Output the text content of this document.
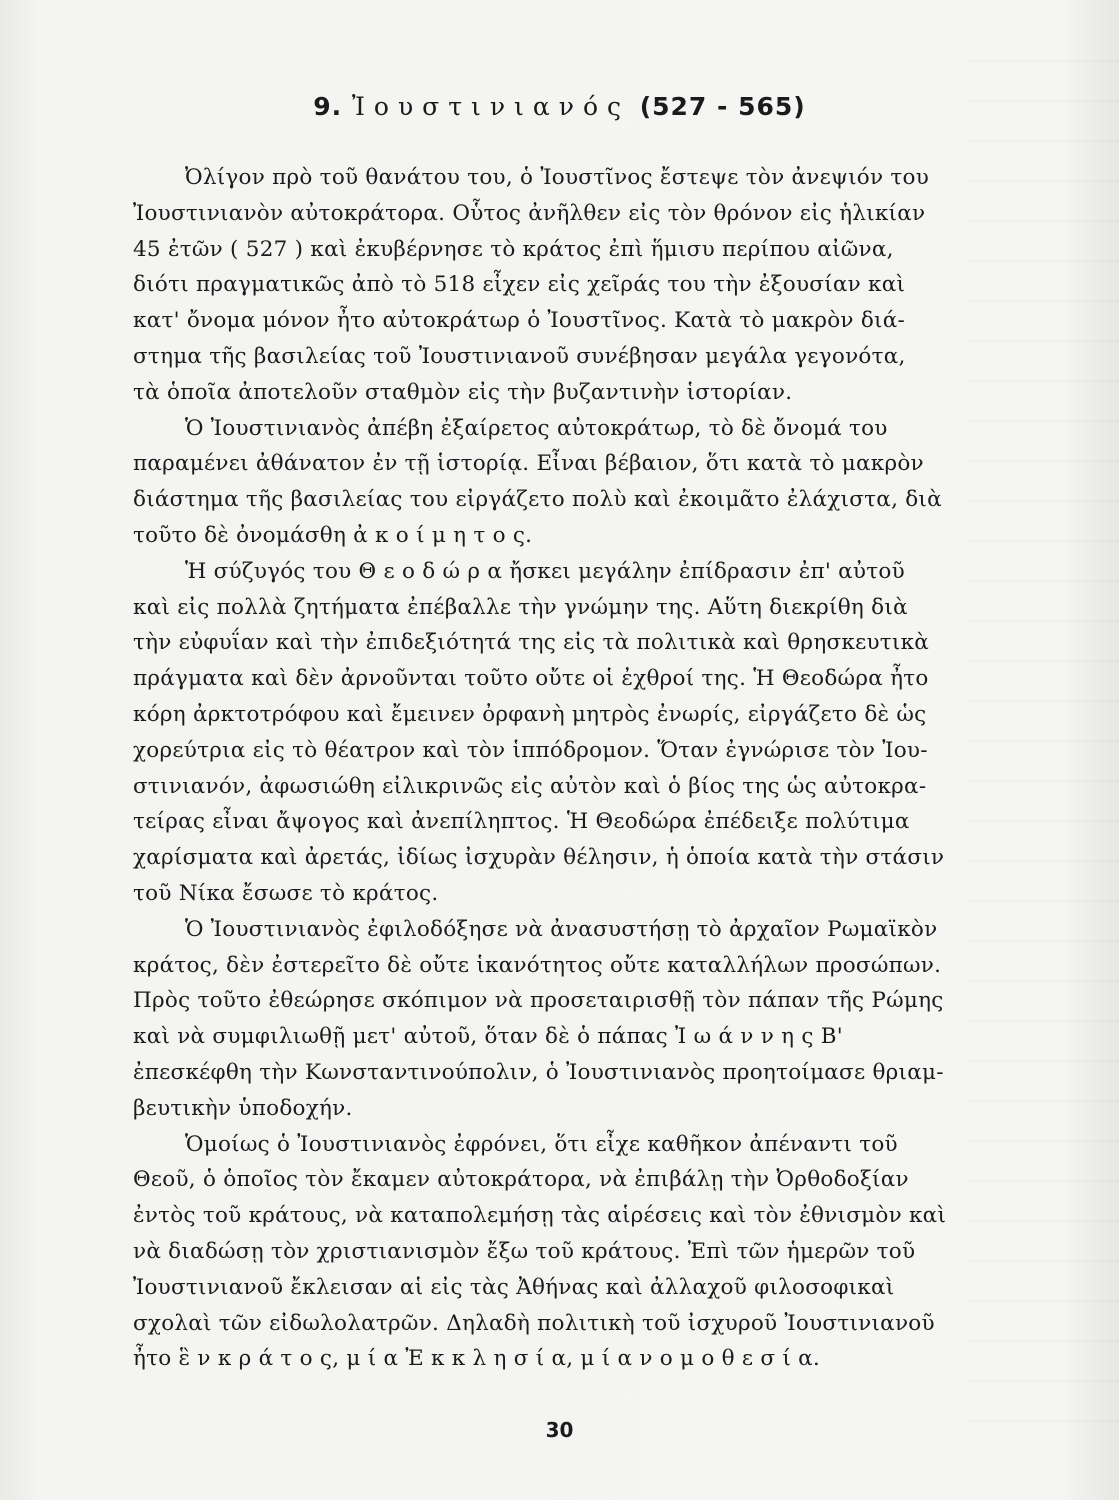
9. Ἰουστινιανός (527 - 565)
Ὀλίγον πρὸ τοῦ θανάτου του, ὁ Ἰουστῖνος ἔστεψε τὸν ἀνεψιόν του
Ἰουστινιανὸν αὐτοκράτορα. Οὗτος ἀνῆλθεν εἰς τὸν θρόνον εἰς ἡλικίαν
45 ἐτῶν ( 527 ) καὶ ἐκυβέρνησε τὸ κράτος ἐπὶ ἥμισυ περίπου αἰῶνα,
διότι πραγματικῶς ἀπὸ τὸ 518 εἶχεν εἰς χεῖράς του τὴν ἐξουσίαν καὶ
κατ' ὄνομα μόνον ἦτο αὐτοκράτωρ ὁ Ἰουστῖνος. Κατὰ τὸ μακρὸν διά-
στημα τῆς βασιλείας τοῦ Ἰουστινιανοῦ συνέβησαν μεγάλα γεγονότα,
τὰ ὁποῖα ἀποτελοῦν σταθμὸν εἰς τὴν βυζαντινὴν ἱστορίαν.
Ὁ Ἰουστινιανὸς ἀπέβη ἐξαίρετος αὐτοκράτωρ, τὸ δὲ ὄνομά του
παραμένει ἀθάνατον ἐν τῇ ἱστορίᾳ. Εἶναι βέβαιον, ὅτι κατὰ τὸ μακρὸν
διάστημα τῆς βασιλείας του εἰργάζετο πολὺ καὶ ἐκοιμᾶτο ἐλάχιστα, διὰ
τοῦτο δὲ ὀνομάσθη ἀ κ ο ί μ η τ ο ς.
Ἡ σύζυγός του Θ ε ο δ ώ ρ α ἤσκει μεγάλην ἐπίδρασιν ἐπ' αὐτοῦ
καὶ εἰς πολλὰ ζητήματα ἐπέβαλλε τὴν γνώμην της. Αὕτη διεκρίθη διὰ
τὴν εὐφυΐαν καὶ τὴν ἐπιδεξιότητά της εἰς τὰ πολιτικὰ καὶ θρησκευτικὰ
πράγματα καὶ δὲν ἀρνοῦνται τοῦτο οὔτε οἱ ἐχθροί της. Ἡ Θεοδώρα ἦτο
κόρη ἀρκτοτρόφου καὶ ἔμεινεν ὀρφανὴ μητρὸς ἐνωρίς, εἰργάζετο δὲ ὡς
χορεύτρια εἰς τὸ θέατρον καὶ τὸν ἱππόδρομον. Ὅταν ἐγνώρισε τὸν Ἰου-
στινιανόν, ἀφωσιώθη εἰλικρινῶς εἰς αὐτὸν καὶ ὁ βίος της ὡς αὐτοκρα-
τείρας εἶναι ἄψογος καὶ ἀνεπίληπτος. Ἡ Θεοδώρα ἐπέδειξε πολύτιμα
χαρίσματα καὶ ἀρετάς, ἰδίως ἰσχυρὰν θέλησιν, ἡ ὁποία κατὰ τὴν στάσιν
τοῦ Νίκα ἔσωσε τὸ κράτος.
Ὁ Ἰουστινιανὸς ἐφιλοδόξησε νὰ ἀνασυστήσῃ τὸ ἀρχαῖον Ρωμαϊκὸν
κράτος, δὲν ἐστερεῖτο δὲ οὔτε ἱκανότητος οὔτε καταλλήλων προσώπων.
Πρὸς τοῦτο ἐθεώρησε σκόπιμον νὰ προσεταιρισθῇ τὸν πάπαν τῆς Ρώμης
καὶ νὰ συμφιλιωθῇ μετ' αὐτοῦ, ὅταν δὲ ὁ πάπας Ἰ ω ά ν ν η ς Β'
ἐπεσκέφθη τὴν Κωνσταντινούπολιν, ὁ Ἰουστινιανὸς προητοίμασε θριαμ-
βευτικὴν ὑποδοχήν.
Ὁμοίως ὁ Ἰουστινιανὸς ἐφρόνει, ὅτι εἶχε καθῆκον ἀπέναντι τοῦ
Θεοῦ, ὁ ὁποῖος τὸν ἔκαμεν αὐτοκράτορα, νὰ ἐπιβάλῃ τὴν Ὀρθοδοξίαν
ἐντὸς τοῦ κράτους, νὰ καταπολεμήσῃ τὰς αἱρέσεις καὶ τὸν ἐθνισμὸν καὶ
νὰ διαδώσῃ τὸν χριστιανισμὸν ἔξω τοῦ κράτους. Ἐπὶ τῶν ἡμερῶν τοῦ
Ἰουστινιανοῦ ἔκλεισαν αἱ εἰς τὰς Ἀθήνας καὶ ἀλλαχοῦ φιλοσοφικαὶ
σχολαὶ τῶν εἰδωλολατρῶν. Δηλαδὴ πολιτικὴ τοῦ ἰσχυροῦ Ἰουστινιανοῦ
ἦτο ἓ ν κ ρ ά τ ο ς, μ ί α Ἐ κ κ λ η σ ί α, μ ί α ν ο μ ο θ ε σ ί α.
30
